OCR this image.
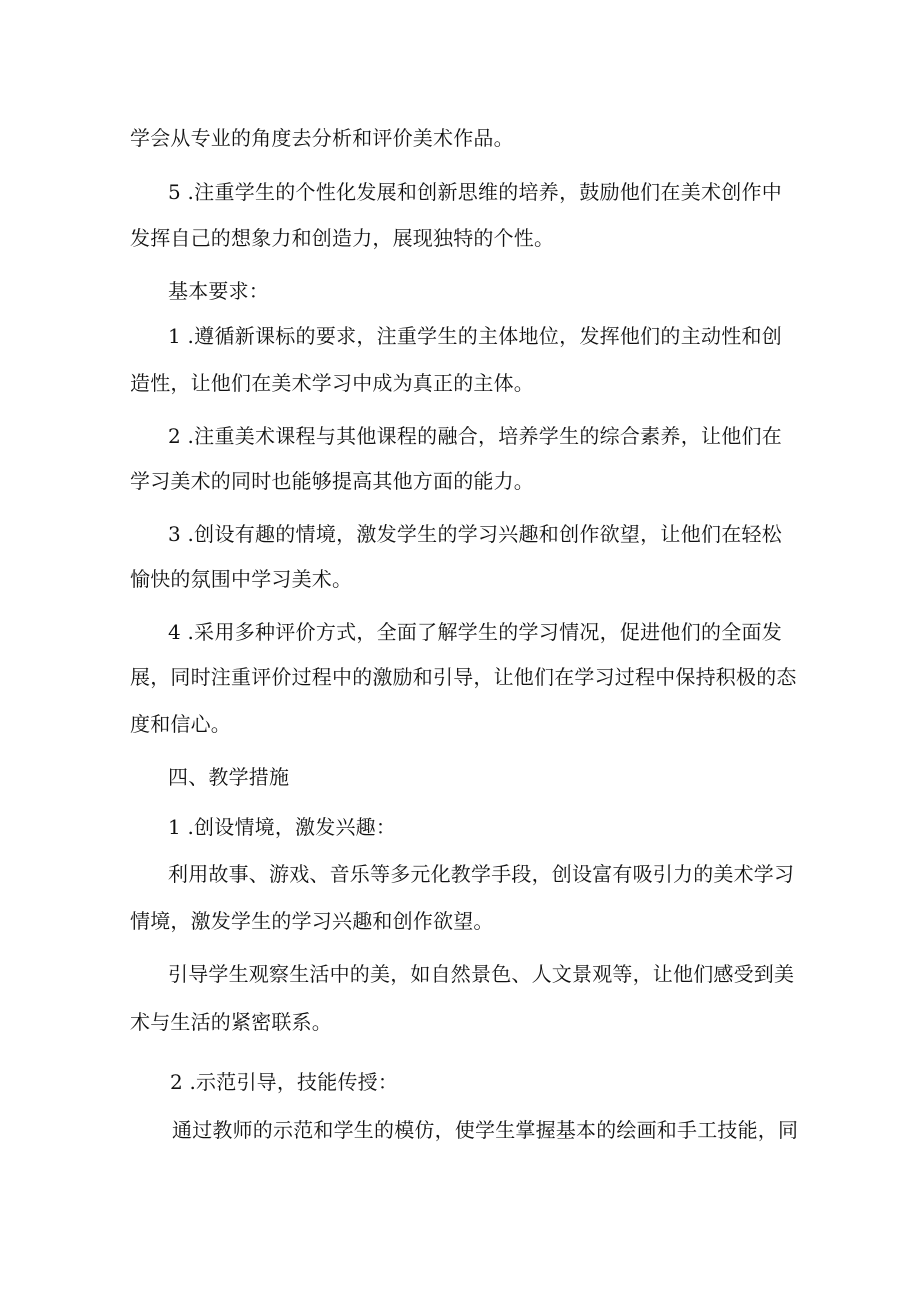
学会从专业的角度去分析和评价美术作品。
5 .注重学生的个性化发展和创新思维的培养，鼓励他们在美术创作中
发挥自己的想象力和创造力，展现独特的个性。
基本要求：
1 .遵循新课标的要求，注重学生的主体地位，发挥他们的主动性和创
造性，让他们在美术学习中成为真正的主体。
2 .注重美术课程与其他课程的融合，培养学生的综合素养，让他们在
学习美术的同时也能够提高其他方面的能力。
3 .创设有趣的情境，激发学生的学习兴趣和创作欲望，让他们在轻松
愉快的氛围中学习美术。
4 .采用多种评价方式，全面了解学生的学习情况，促进他们的全面发
展，同时注重评价过程中的激励和引导，让他们在学习过程中保持积极的态
度和信心。
四、教学措施
1 .创设情境，激发兴趣：
利用故事、游戏、音乐等多元化教学手段，创设富有吸引力的美术学习
情境，激发学生的学习兴趣和创作欲望。
引导学生观察生活中的美，如自然景色、人文景观等，让他们感受到美
术与生活的紧密联系。
2 .示范引导，技能传授：
通过教师的示范和学生的模仿，使学生掌握基本的绘画和手工技能，同
